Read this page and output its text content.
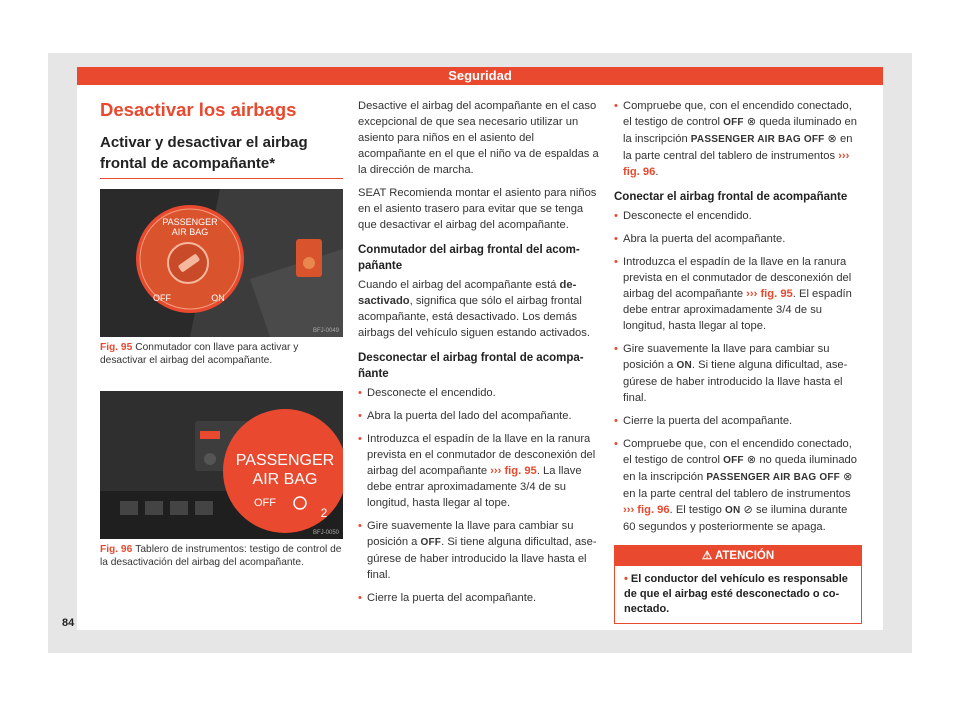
Seguridad
Desactivar los airbags
Activar y desactivar el airbag frontal de acompañante*
PASSENGER
AIR BAG
OFF	ON
BFJ-0049
Fig. 95 Conmutador con llave para activar y desactivar el airbag del acompañante.
PASSENGER
AIR BAG
OFF
2
BFJ-0050
Fig. 96 Tablero de instrumentos: testigo de control de la desactivación del airbag del acompañante.

Desactive el airbag del acompañante en el caso excepcional de que sea necesario utilizar un asiento para niños en el asiento del acompañante en el que el niño va de espaldas a la dirección de marcha.

SEAT Recomienda montar el asiento para niños en el asiento trasero para evitar que se tenga que desactivar el airbag del acompañante.

Conmutador del airbag frontal del acompañante

Cuando el airbag del acompañante está desactivado, significa que sólo el airbag frontal acompañante, está desactivado. Los demás airbags del vehículo siguen estando activados.

Desconectar el airbag frontal de acompañante

• Desconecte el encendido.

• Abra la puerta del lado del acompañante.

• Introduzca el espadín de la llave en la ranura prevista en el conmutador de desconexión del airbag del acompañante ››› fig. 95. La llave debe entrar aproximadamente 3/4 de su longitud, hasta llegar al tope.

• Gire suavemente la llave para cambiar su posición a OFF. Si tiene alguna dificultad, asegúrese de haber introducido la llave hasta el final.

• Cierre la puerta del acompañante.

• Compruebe que, con el encendido conectado, el testigo de control OFF ⊗ queda iluminado en la inscripción PASSENGER AIR BAG OFF ⊗ en la parte central del tablero de instrumentos ››› fig. 96.

Conectar el airbag frontal de acompañante

• Desconecte el encendido.

• Abra la puerta del acompañante.

• Introduzca el espadín de la llave en la ranura prevista en el conmutador de desconexión del airbag del acompañante ››› fig. 95. El espadín debe entrar aproximadamente 3/4 de su longitud, hasta llegar al tope.

• Gire suavemente la llave para cambiar su posición a ON. Si tiene alguna dificultad, asegúrese de haber introducido la llave hasta el final.

• Cierre la puerta del acompañante.

• Compruebe que, con el encendido conectado, el testigo de control OFF ⊗ no queda iluminado en la inscripción PASSENGER AIR BAG OFF ⊗ en la parte central del tablero de instrumentos ››› fig. 96. El testigo ON ⊘ se ilumina durante 60 segundos y posteriormente se apaga.

⚠ ATENCIÓN
• El conductor del vehículo es responsable de que el airbag esté desconectado o conectado.
84
